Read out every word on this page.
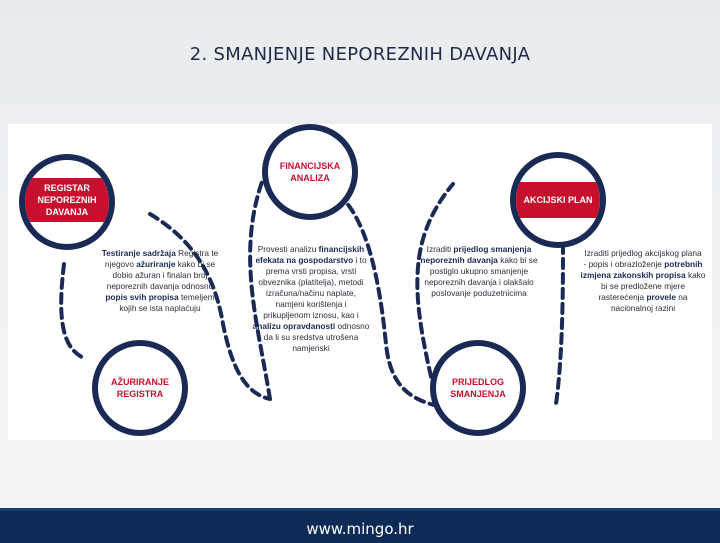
2. SMANJENJE NEPOREZNIH DAVANJA
REGISTAR
NEPOREZNIH
DAVANJA
AŽURIRANJE
REGISTRA
FINANCIJSKA
ANALIZA
PRIJEDLOG
SMANJENJA
AKCIJSKI PLAN
Testiranje sadržaja Registra te
njegovo ažuriranje kako bi se
dobio ažuran i finalan broj
neporeznih davanja odnosno
popis svih propisa temeljem
kojih se ista naplaćuju
Provesti analizu financijskih
efekata na gospodarstvo i to
prema vrsti propisa, vrsti
obveznika (platitelja), metodi
izračuna/načinu naplate,
namjeni korištenja i
prikupljenom iznosu, kao i
analizu opravdanosti odnosno
da li su sredstva utrošena
namjenski
Izraditi prijedlog smanjenja
neporeznih davanja kako bi se
postiglo ukupno smanjenje
neporeznih davanja i olakšalo
poslovanje poduzetnicima
Izraditi prijedlog akcijskog plana
- popis i obrazloženje potrebnih
izmjena zakonskih propisa kako
bi se predložene mjere
rasterećenja provele na
nacionalnoj razini
www.mingo.hr
